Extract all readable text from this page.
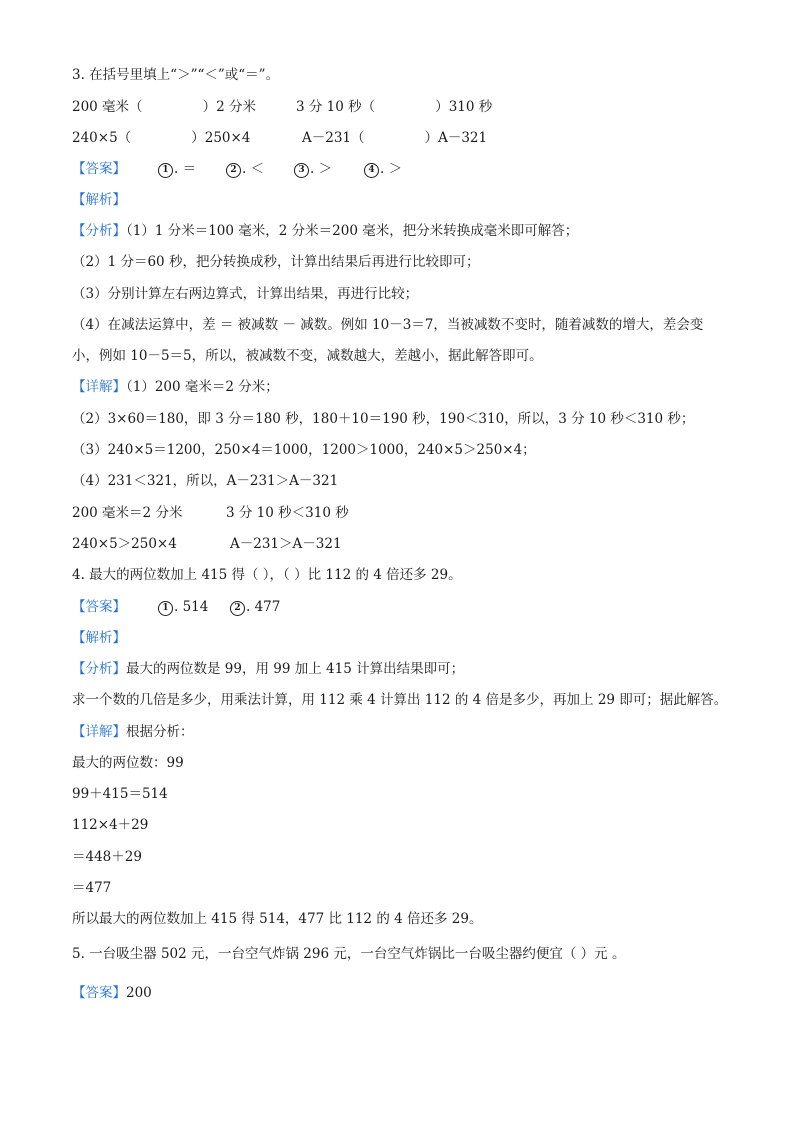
3. 在括号里填上“＞”“＜”或“＝”。
200 毫米（              ）2 分米	3 分 10 秒（              ）310 秒
240×5（              ）250×4	A－231（              ）A－321
【答案】	1 . ＝	2 . ＜	3 . ＞	4 . ＞
【解析】
【分析】（1）1 分米＝100 毫米，2 分米＝200 毫米，把分米转换成毫米即可解答；
（2）1 分＝60 秒，把分转换成秒，计算出结果后再进行比较即可；
（3）分别计算左右两边算式，计算出结果，再进行比较；
（4）在减法运算中，差 ＝ 被减数 － 减数。例如 10－3＝7，当被减数不变时，随着减数的增大，差会变
小，例如 10－5＝5，所以，被减数不变，减数越大，差越小，据此解答即可。
【详解】（1）200 毫米＝2 分米；
（2）3×60＝180，即 3 分＝180 秒，180＋10＝190 秒，190＜310，所以，3 分 10 秒＜310 秒；
（3）240×5＝1200，250×4＝1000，1200＞1000，240×5＞250×4；
（4）231＜321，所以，A－231＞A－321
200 毫米＝2 分米	3 分 10 秒＜310 秒
240×5＞250×4	A－231＞A－321
4. 最大的两位数加上 415 得（ ），（ ）比 112 的 4 倍还多 29。
【答案】	1 . 514	2 . 477
【解析】
【分析】最大的两位数是 99，用 99 加上 415 计算出结果即可；
求一个数的几倍是多少，用乘法计算，用 112 乘 4 计算出 112 的 4 倍是多少，再加上 29 即可；据此解答。
【详解】根据分析：
最大的两位数：99
99＋415＝514
112×4＋29
＝448＋29
＝477
所以最大的两位数加上 415 得 514，477 比 112 的 4 倍还多 29。
5. 一台吸尘器 502 元，一台空气炸锅 296 元，一台空气炸锅比一台吸尘器约便宜（ ）元 。
【答案】200
